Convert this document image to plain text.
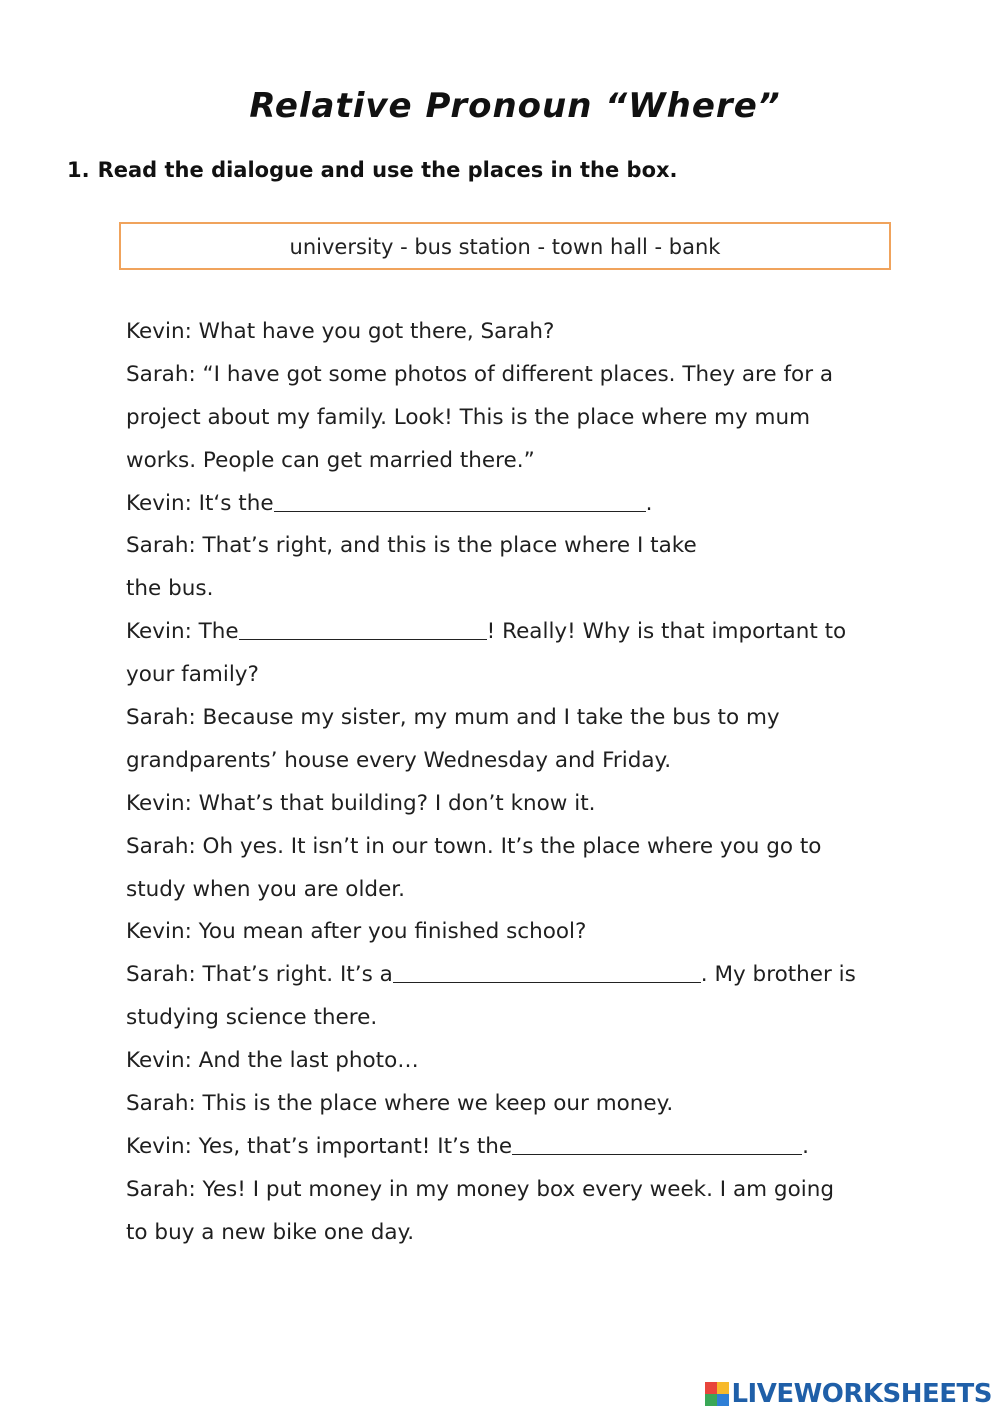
Relative Pronoun “Where”
1. Read the dialogue and use the places in the box.
university - bus station - town hall - bank
Kevin: What have you got there, Sarah?
Sarah: “I have got some photos of different places. They are for a
project about my family. Look! This is the place where my mum
works. People can get married there.”
Kevin: It‘s the	.
Sarah: That’s right, and this is the place where I take
the bus.
Kevin: The	! Really! Why is that important to
your family?
Sarah: Because my sister, my mum and I take the bus to my
grandparents’ house every Wednesday and Friday.
Kevin: What’s that building? I don’t know it.
Sarah: Oh yes. It isn’t in our town. It’s the place where you go to
study when you are older.
Kevin: You mean after you finished school?
Sarah: That’s right. It’s a	. My brother is
studying science there.
Kevin: And the last photo…
Sarah: This is the place where we keep our money.
Kevin: Yes, that’s important! It’s the	.
Sarah: Yes! I put money in my money box every week. I am going
to buy a new bike one day.
LIVEWORKSHEETS
